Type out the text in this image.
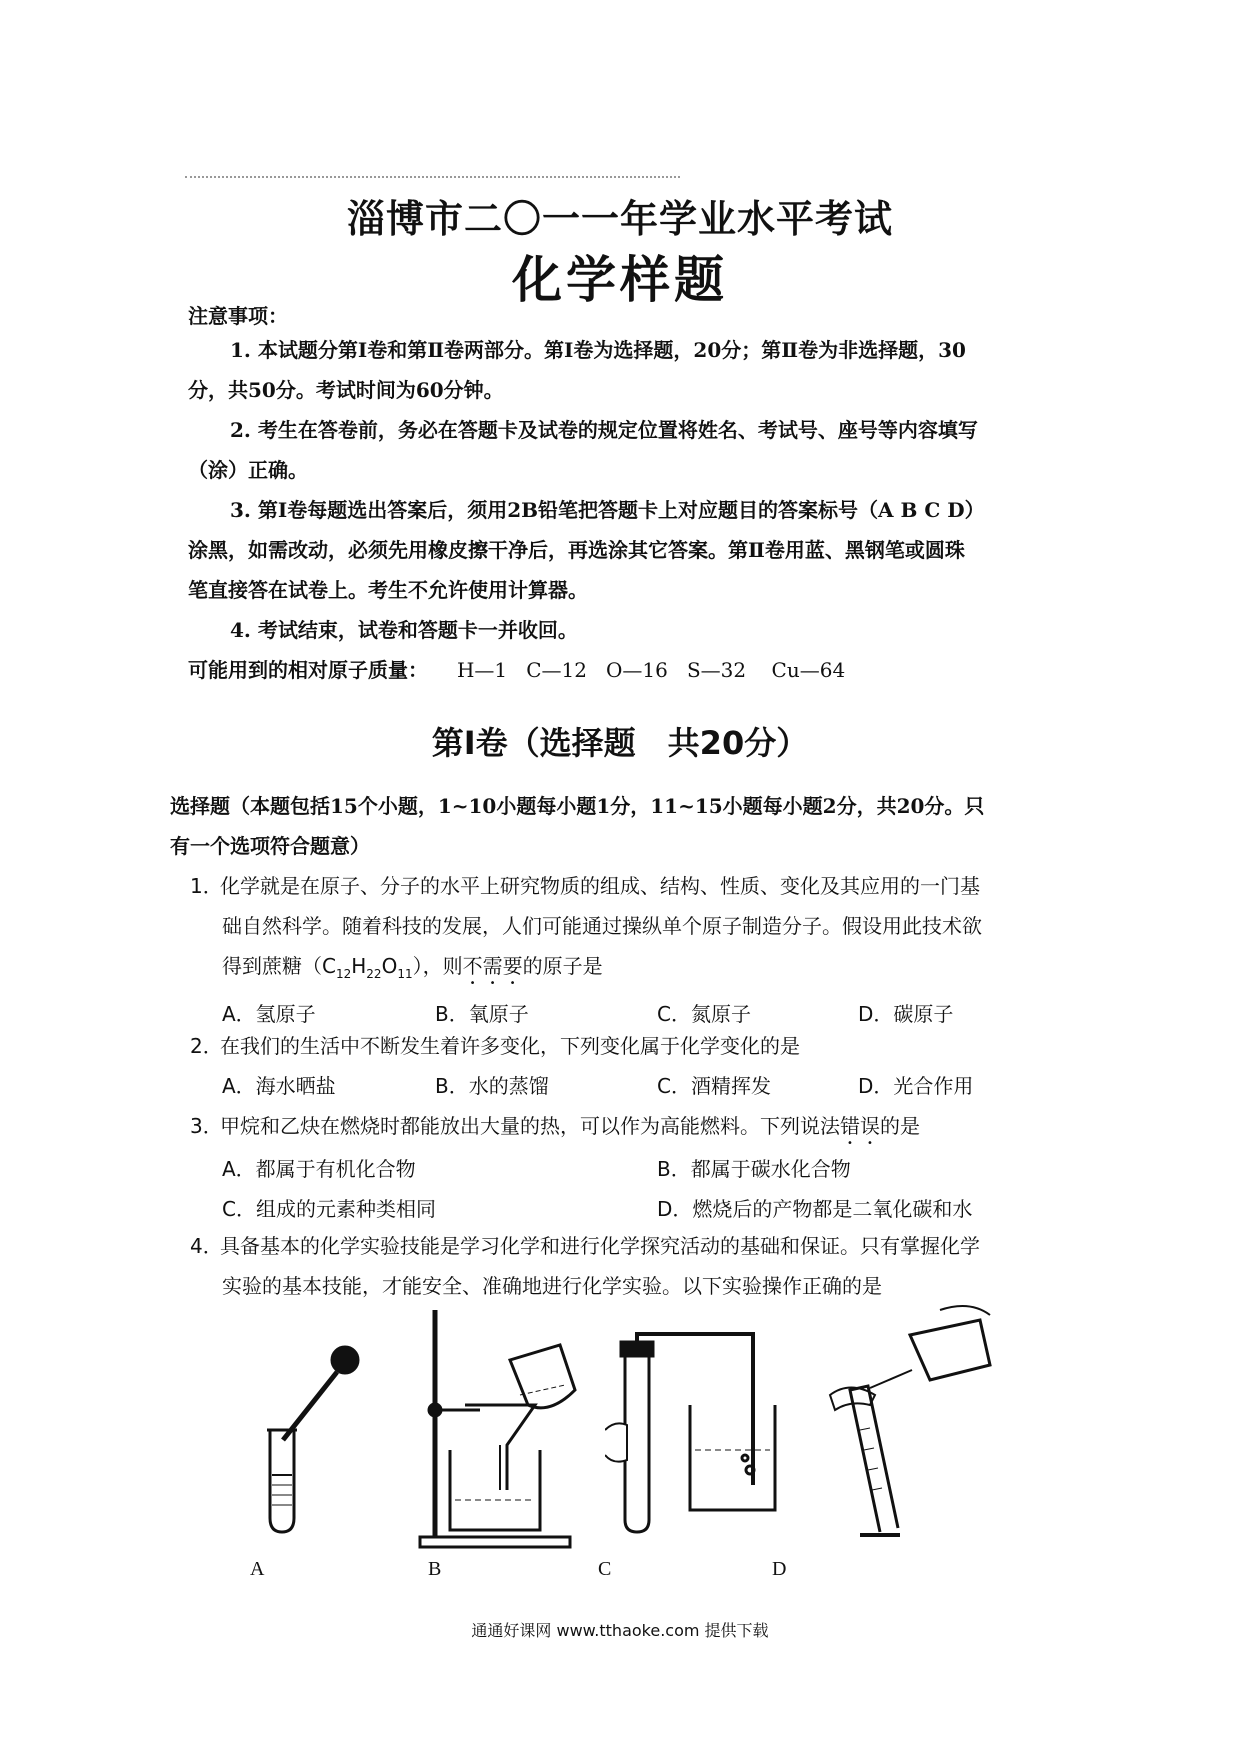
淄博市二〇一一年学业水平考试
化学样题
注意事项：
1. 本试题分第Ⅰ卷和第Ⅱ卷两部分。第Ⅰ卷为选择题，20分；第Ⅱ卷为非选择题，30
分，共50分。考试时间为60分钟。
2. 考生在答卷前，务必在答题卡及试卷的规定位置将姓名、考试号、座号等内容填写
（涂）正确。
3. 第Ⅰ卷每题选出答案后，须用2B铅笔把答题卡上对应题目的答案标号（A B C D）
涂黑，如需改动，必须先用橡皮擦干净后，再选涂其它答案。第Ⅱ卷用蓝、黑钢笔或圆珠
笔直接答在试卷上。考生不允许使用计算器。
4. 考试结束，试卷和答题卡一并收回。
可能用到的相对原子质量： H—1   C—12   O—16   S—32    Cu—64
第Ⅰ卷（选择题　共20分）
选择题（本题包括15个小题，1~10小题每小题1分，11~15小题每小题2分，共20分。只
有一个选项符合题意）
1．化学就是在原子、分子的水平上研究物质的组成、结构、性质、变化及其应用的一门基
础自然科学。随着科技的发展，人们可能通过操纵单个原子制造分子。假设用此技术欲
得到蔗糖$(C_{12}H_{22}O_{11})$，则不需要的原子是
A．氢原子	B．氧原子	C．氮原子	D．碳原子
2．在我们的生活中不断发生着许多变化，下列变化属于化学变化的是
A．海水晒盐	B．水的蒸馏	C．酒精挥发	D．光合作用
3．甲烷和乙炔在燃烧时都能放出大量的热，可以作为高能燃料。下列说法错误的是
A．都属于有机化合物	B．都属于碳水化合物
C．组成的元素种类相同	D．燃烧后的产物都是二氧化碳和水
4．具备基本的化学实验技能是学习化学和进行化学探究活动的基础和保证。只有掌握化学
实验的基本技能，才能安全、准确地进行化学实验。以下实验操作正确的是
A	B	C	D
通通好课网 www.tthaoke.com 提供下载
